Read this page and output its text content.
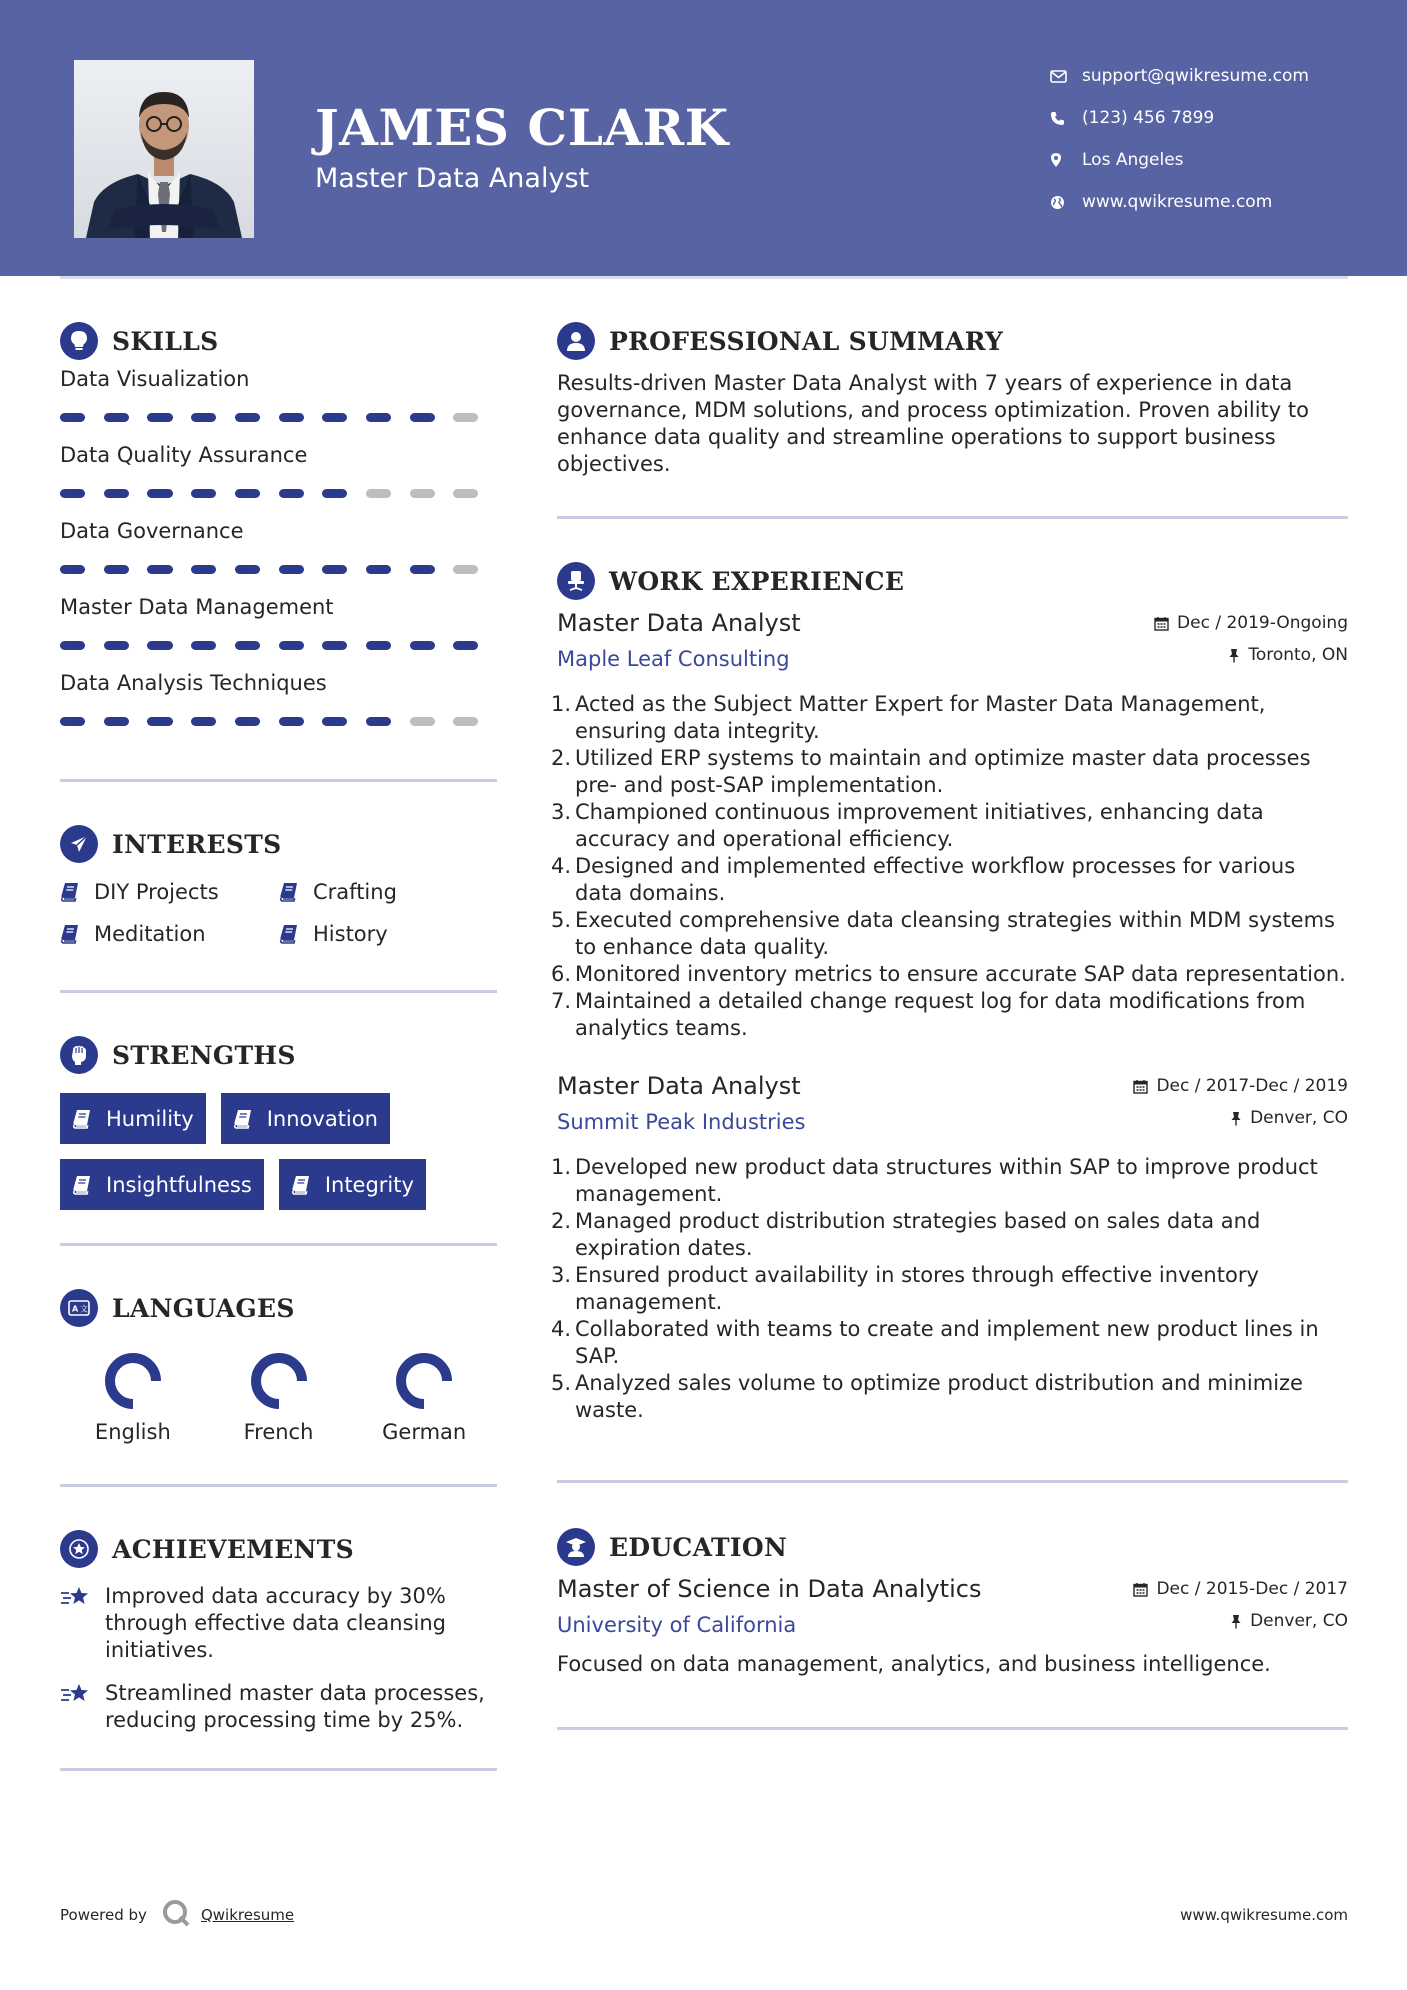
JAMES CLARK
Master Data Analyst
support@qwikresume.com
(123) 456 7899
Los Angeles
www.qwikresume.com
SKILLS
Data Visualization
Data Quality Assurance
Data Governance
Master Data Management
Data Analysis Techniques
INTERESTS
DIY Projects	Crafting
Meditation	History
STRENGTHS
Humility	Innovation
Insightfulness	Integrity
A 文 LANGUAGES
English	French	German
ACHIEVEMENTS
Improved data accuracy by 30% through effective data cleansing initiatives.
Streamlined master data processes, reducing processing time by 25%.
PROFESSIONAL SUMMARY

Results-driven Master Data Analyst with 7 years of experience in data governance, MDM solutions, and process optimization. Proven ability to enhance data quality and streamline operations to support business objectives.

WORK EXPERIENCE
Master Data Analyst
Maple Leaf Consulting
Dec / 2019-Ongoing
Toronto, ON
1. Acted as the Subject Matter Expert for Master Data Management, ensuring data integrity.
2. Utilized ERP systems to maintain and optimize master data processes pre- and post-SAP implementation.
3. Championed continuous improvement initiatives, enhancing data accuracy and operational efficiency.
4. Designed and implemented effective workflow processes for various data domains.
5. Executed comprehensive data cleansing strategies within MDM systems to enhance data quality.
6. Monitored inventory metrics to ensure accurate SAP data representation.
7. Maintained a detailed change request log for data modifications from analytics teams.
Master Data Analyst
Summit Peak Industries
Dec / 2017-Dec / 2019
Denver, CO
1. Developed new product data structures within SAP to improve product management.
2. Managed product distribution strategies based on sales data and expiration dates.
3. Ensured product availability in stores through effective inventory management.
4. Collaborated with teams to create and implement new product lines in SAP.
5. Analyzed sales volume to optimize product distribution and minimize waste.
EDUCATION
Master of Science in Data Analytics
University of California
Dec / 2015-Dec / 2017
Denver, CO

Focused on data management, analytics, and business intelligence.

Powered by	Qwikresume	www.qwikresume.com
